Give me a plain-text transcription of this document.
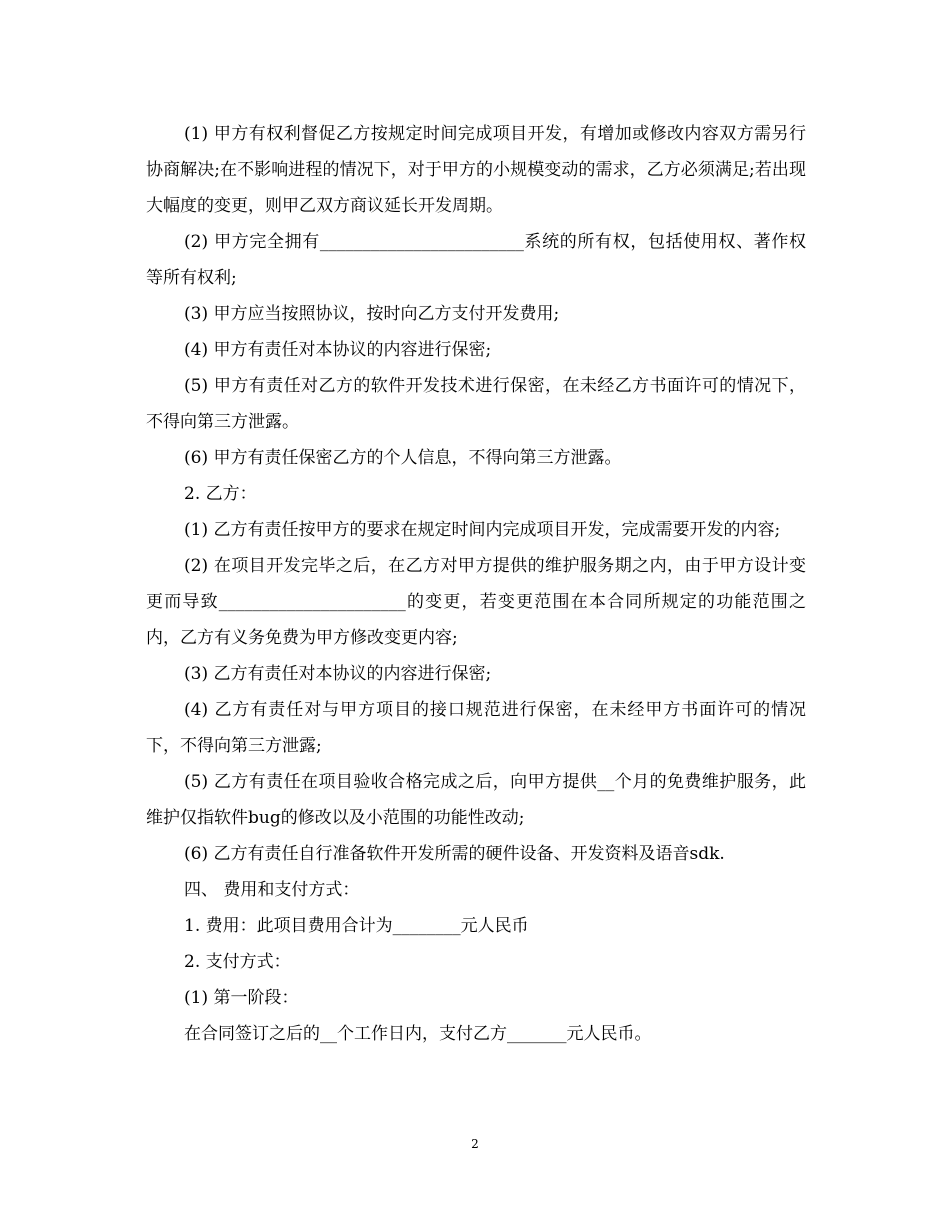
(1) 甲方有权利督促乙方按规定时间完成项目开发，有增加或修改内容双方需另行协商解决;在不影响进程的情况下，对于甲方的小规模变动的需求，乙方必须满足;若出现大幅度的变更，则甲乙双方商议延长开发周期。

(2) 甲方完全拥有________________________系统的所有权，包括使用权、著作权等所有权利;

(3) 甲方应当按照协议，按时向乙方支付开发费用;

(4) 甲方有责任对本协议的内容进行保密;

(5) 甲方有责任对乙方的软件开发技术进行保密，在未经乙方书面许可的情况下，不得向第三方泄露。

(6) 甲方有责任保密乙方的个人信息，不得向第三方泄露。

2. 乙方：

(1) 乙方有责任按甲方的要求在规定时间内完成项目开发，完成需要开发的内容;

(2) 在项目开发完毕之后，在乙方对甲方提供的维护服务期之内，由于甲方设计变更而导致______________________的变更，若变更范围在本合同所规定的功能范围之内，乙方有义务免费为甲方修改变更内容;

(3) 乙方有责任对本协议的内容进行保密;

(4) 乙方有责任对与甲方项目的接口规范进行保密，在未经甲方书面许可的情况下，不得向第三方泄露;

(5) 乙方有责任在项目验收合格完成之后，向甲方提供__个月的免费维护服务，此维护仅指软件bug的修改以及小范围的功能性改动;

(6) 乙方有责任自行准备软件开发所需的硬件设备、开发资料及语音sdk.

四、 费用和支付方式：

1. 费用：此项目费用合计为________元人民币

2. 支付方式：

(1) 第一阶段：

在合同签订之后的__个工作日内，支付乙方_______元人民币。

2
